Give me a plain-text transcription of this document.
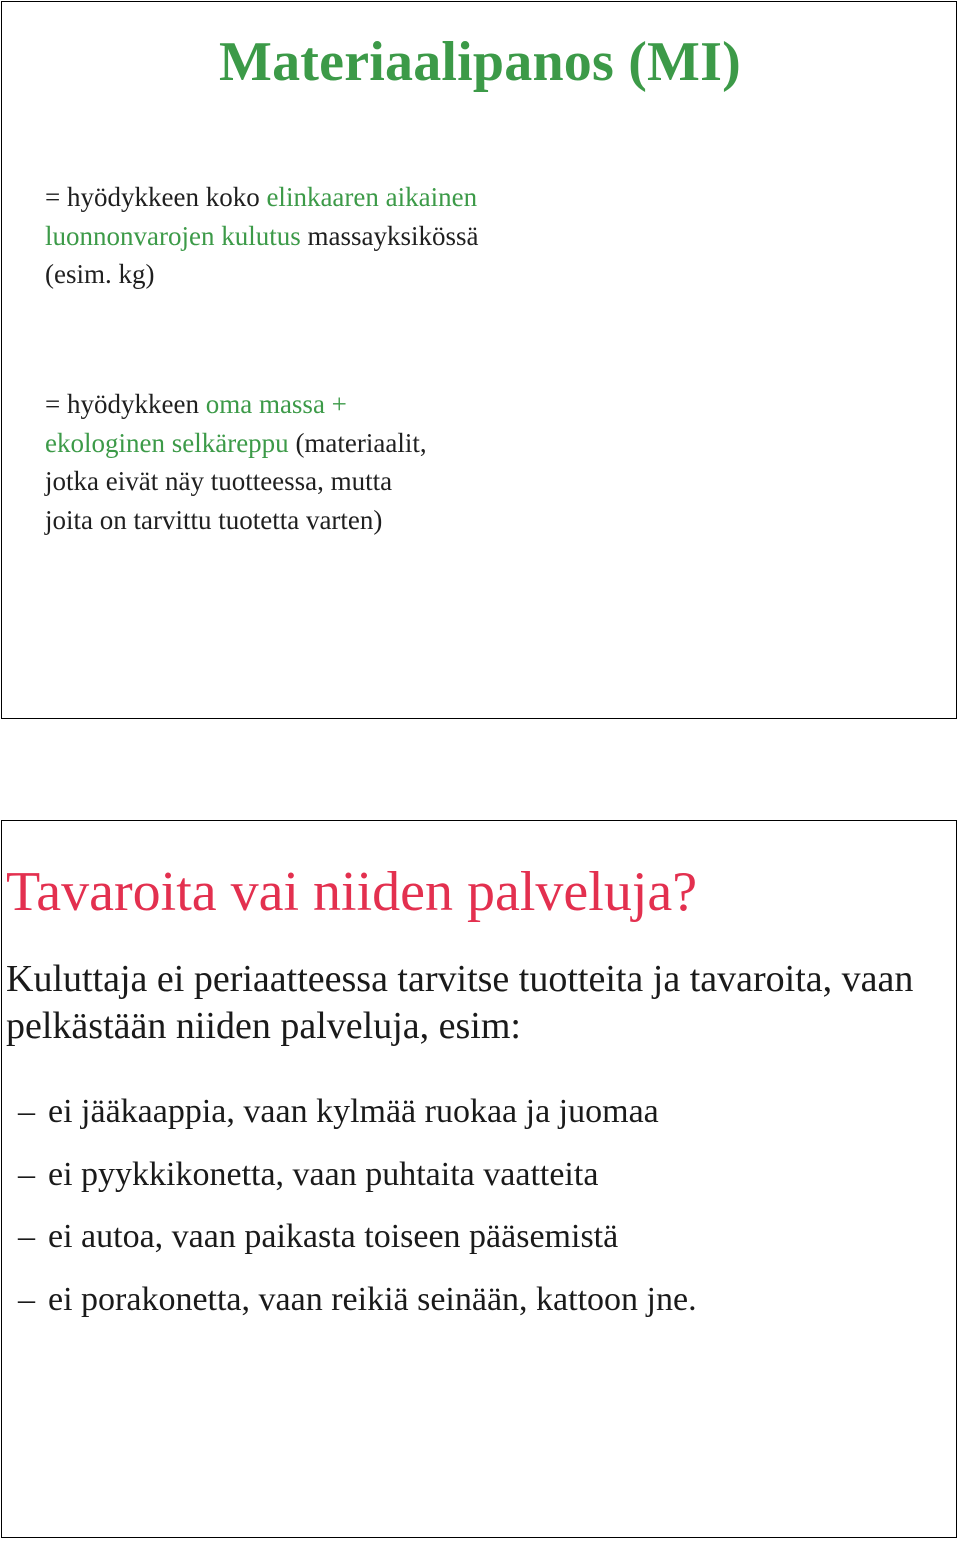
Materiaalipanos (MI)
= hyödykkeen koko elinkaaren aikainen luonnonvarojen kulutus massayksikössä (esim. kg)
= hyödykkeen oma massa + ekologinen selkäreppu (materiaalit, jotka eivät näy tuotteessa, mutta joita on tarvittu tuotetta varten)
Tavaroita vai niiden palveluja?
Kuluttaja ei periaatteessa tarvitse tuotteita ja tavaroita, vaan pelkästään niiden palveluja, esim:
– ei jääkaappia, vaan kylmää ruokaa ja juomaa
– ei pyykkikonetta, vaan puhtaita vaatteita
– ei autoa, vaan paikasta toiseen pääsemistä
– ei porakonetta, vaan reikiä seinään, kattoon jne.
